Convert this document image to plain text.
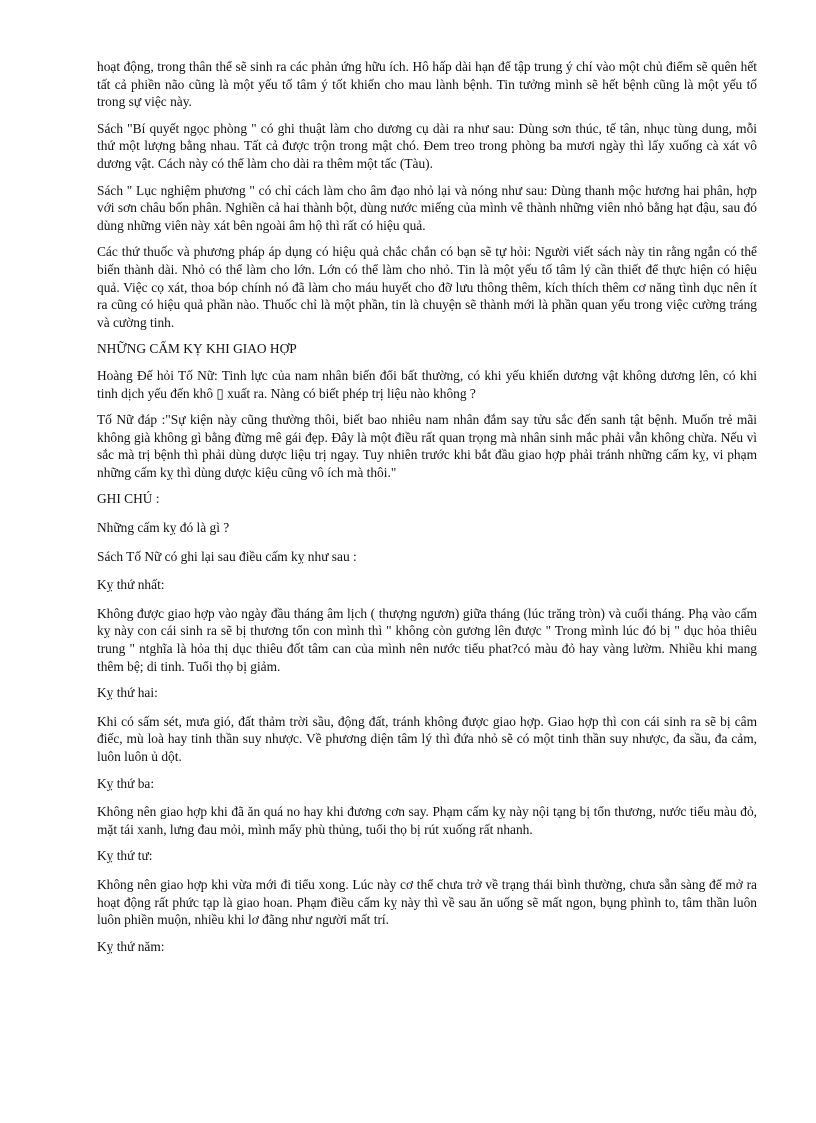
hoạt động, trong thân thể sẽ sinh ra các phản ứng hữu ích. Hô hấp dài hạn để tập trung ý chí vào một chủ điểm sẽ quên hết tất cả phiền não cũng là một yếu tố tâm ý tốt khiến cho mau lành bệnh. Tin tưởng mình sẽ hết bệnh cũng là một yếu tố trong sự việc này.

Sách "Bí quyết ngọc phòng " có ghi thuật làm cho dương cụ dài ra như sau: Dùng sơn thúc, tế tân, nhục tùng dung, mỗi thứ một lượng bằng nhau. Tất cả được trộn trong mật chó. Đem treo trong phòng ba mươi ngày thì lấy xuống cà xát vô dương vật. Cách này có thể làm cho dài ra thêm một tấc (Tàu).

Sách " Lục nghiệm phương " có chỉ cách làm cho âm đạo nhỏ lại và nóng như sau: Dùng thanh mộc hương hai phân, hợp với sơn châu bốn phân. Nghiền cả hai thành bột, dùng nước miếng của mình vê thành những viên nhỏ bằng hạt đậu, sau đó dùng những viên này xát bên ngoài âm hộ thì rất có hiệu quả.

Các thứ thuốc và phương pháp áp dụng có hiệu quả chắc chắn có bạn sẽ tự hỏi: Người viết sách này tin rằng ngắn có thể biến thành dài. Nhỏ có thể làm cho lớn. Lớn có thể làm cho nhỏ. Tin là một yếu tố tâm lý cần thiết để thực hiện có hiệu quả. Việc cọ xát, thoa bóp chính nó đã làm cho máu huyết cho đỡ lưu thông thêm, kích thích thêm cơ năng tình dục nên ít ra cũng có hiệu quả phần nào. Thuốc chỉ là một phần, tin là chuyện sẽ thành mới là phần quan yếu trong việc cường tráng và cường tinh.

NHỮNG CẤM KỴ KHI GIAO HỢP

Hoàng Đế hỏi Tố Nữ: Tinh lực của nam nhân biến đổi bất thường, có khi yếu khiến dương vật không dương lên, có khi tinh dịch yếu đến khô ▯ xuất ra. Nàng có biết phép trị liệu nào không ?

Tố Nữ đáp :"Sự kiện này cũng thường thôi, biết bao nhiêu nam nhân đắm say tửu sắc đến sanh tật bệnh. Muốn trẻ mãi không già không gì bằng đừng mê gái đẹp. Đây là một điều rất quan trọng mà nhân sinh mắc phải vẫn không chừa. Nếu vì sắc mà trị bệnh thì phải dùng dược liệu trị ngay. Tuy nhiên trước khi bắt đầu giao hợp phải tránh những cấm kỵ, vi phạm những cấm kỵ thì dùng dược kiệu cũng vô ích mà thôi."

GHI CHÚ :

Những cấm kỵ đó là gì ?

Sách Tố Nữ có ghi lại sau điều cấm kỵ như sau :

Kỵ thứ nhất:

Không được giao hợp vào ngày đầu tháng âm lịch ( thượng ngươn) giữa tháng (lúc trăng tròn) và cuối tháng. Phạ vào cấm kỵ này con cái sinh ra sẽ bị thương tổn con mình thì " không còn gương lên được " Trong mình lúc đó bị " dục hỏa thiêu trung " ntghĩa là hỏa thị dục thiêu đốt tâm can của mình nên nước tiểu phat?có màu đỏ hay vàng lườm. Nhiều khi mang thêm bệ; di tinh. Tuổi thọ bị giảm.

Kỵ thứ hai:

Khi có sấm sét, mưa gió, đất thảm trời sầu, động đất, tránh không được giao hợp. Giao hợp thì con cái sinh ra sẽ bị câm điếc, mù loà hay tinh thần suy nhược. Về phương diện tâm lý thì đứa nhỏ sẽ có một tinh thần suy nhược, đa sầu, đa cảm, luôn luôn ủ dột.

Kỵ thứ ba:

Không nên giao hợp khi đã ăn quá no hay khi đương cơn say. Phạm cấm kỵ này nội tạng bị tổn thương, nước tiểu màu đỏ, mặt tái xanh, lưng đau mỏi, mình mẩy phù thủng, tuổi thọ bị rút xuống rất nhanh.

Kỵ thứ tư:

Không nên giao hợp khi vừa mới đi tiểu xong. Lúc này cơ thể chưa trở về trạng thái bình thường, chưa sẵn sàng để mở ra hoạt động rất phức tạp là giao hoan. Phạm điều cấm kỵ này thì về sau ăn uống sẽ mất ngon, bụng phình to, tâm thần luôn luôn phiền muộn, nhiều khi lơ đãng như người mất trí.

Kỵ thứ năm:
